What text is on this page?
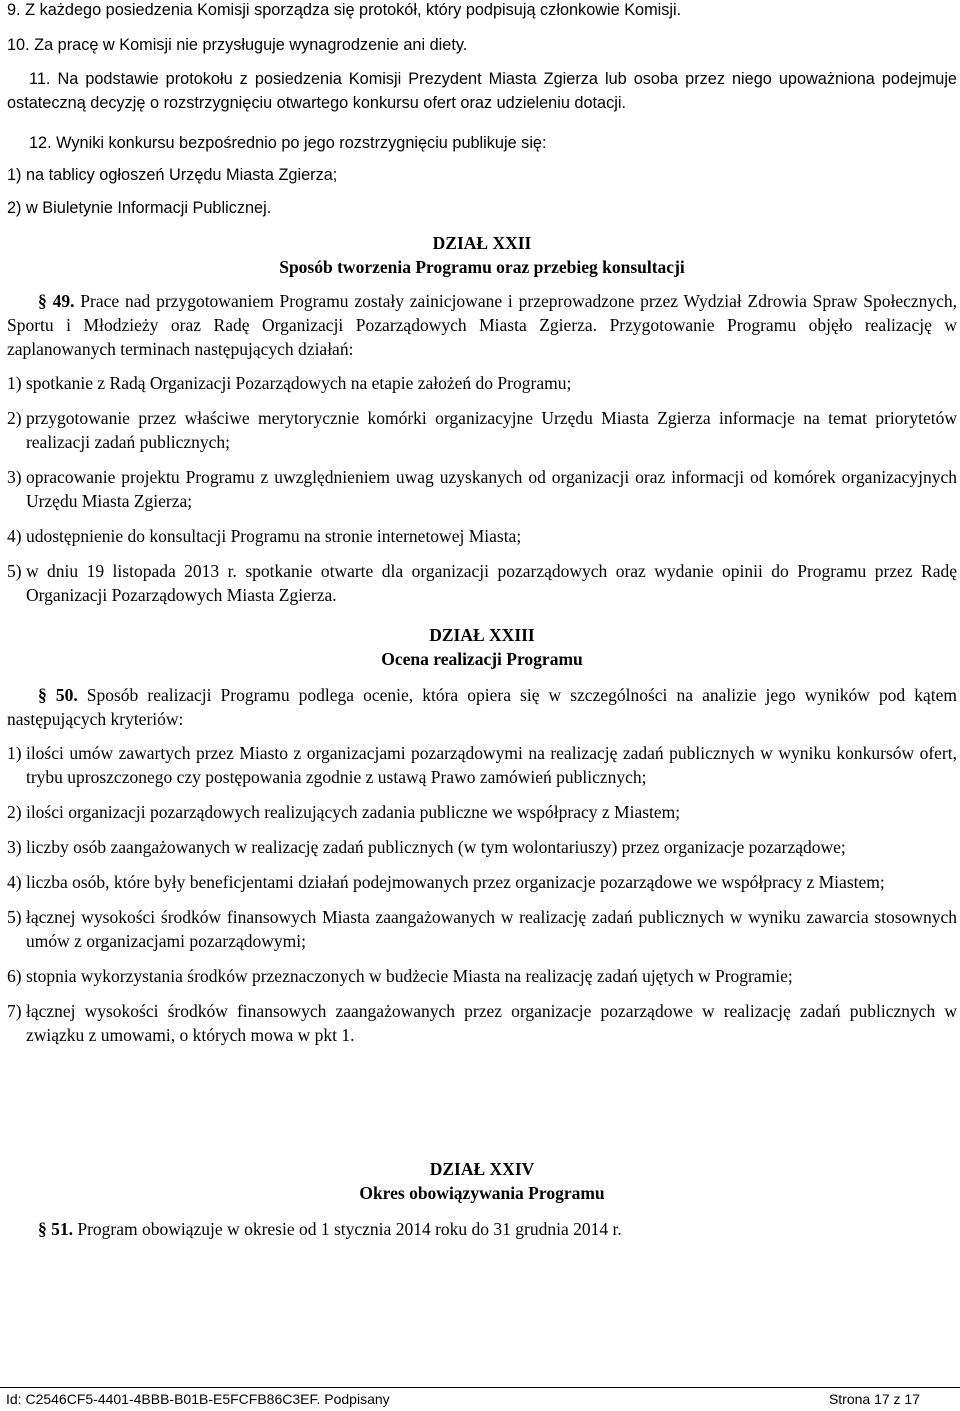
9. Z każdego posiedzenia Komisji sporządza się protokół, który podpisują członkowie Komisji.

10. Za pracę w Komisji nie przysługuje wynagrodzenie ani diety.

11. Na podstawie protokołu z posiedzenia Komisji Prezydent Miasta Zgierza lub osoba przez niego upoważniona podejmuje ostateczną decyzję o rozstrzygnięciu otwartego konkursu ofert oraz udzieleniu dotacji.

12. Wyniki konkursu bezpośrednio po jego rozstrzygnięciu publikuje się:

1) na tablicy ogłoszeń Urzędu Miasta Zgierza;

2) w Biuletynie Informacji Publicznej.

DZIAŁ XXII

Sposób tworzenia Programu oraz przebieg konsultacji

§ 49. Prace nad przygotowaniem Programu zostały zainicjowane i przeprowadzone przez Wydział Zdrowia Spraw Społecznych, Sportu i Młodzieży oraz Radę Organizacji Pozarządowych Miasta Zgierza. Przygotowanie Programu objęło realizację w zaplanowanych terminach następujących działań:

1) spotkanie z Radą Organizacji Pozarządowych na etapie założeń do Programu;
2) przygotowanie przez właściwe merytorycznie komórki organizacyjne Urzędu Miasta Zgierza informacje na temat priorytetów realizacji zadań publicznych;
3) opracowanie projektu Programu z uwzględnieniem uwag uzyskanych od organizacji oraz informacji od komórek organizacyjnych Urzędu Miasta Zgierza;
4) udostępnienie do konsultacji Programu na stronie internetowej Miasta;
5) w dniu 19 listopada 2013 r. spotkanie otwarte dla organizacji pozarządowych oraz wydanie opinii do Programu przez Radę Organizacji Pozarządowych Miasta Zgierza.

DZIAŁ XXIII

Ocena realizacji Programu

§ 50. Sposób realizacji Programu podlega ocenie, która opiera się w szczególności na analizie jego wyników pod kątem następujących kryteriów:

1) ilości umów zawartych przez Miasto z organizacjami pozarządowymi na realizację zadań publicznych w wyniku konkursów ofert, trybu uproszczonego czy postępowania zgodnie z ustawą Prawo zamówień publicznych;
2) ilości organizacji pozarządowych realizujących zadania publiczne we współpracy z Miastem;
3) liczby osób zaangażowanych w realizację zadań publicznych (w tym wolontariuszy) przez organizacje pozarządowe;
4) liczba osób, które były beneficjentami działań podejmowanych przez organizacje pozarządowe we współpracy z Miastem;
5) łącznej wysokości środków finansowych Miasta zaangażowanych w realizację zadań publicznych w wyniku zawarcia stosownych umów z organizacjami pozarządowymi;
6) stopnia wykorzystania środków przeznaczonych w budżecie Miasta na realizację zadań ujętych w Programie;
7) łącznej wysokości środków finansowych zaangażowanych przez organizacje pozarządowe w realizację zadań publicznych w związku z umowami, o których mowa w pkt 1.

DZIAŁ XXIV

Okres obowiązywania Programu

§ 51. Program obowiązuje w okresie od 1 stycznia 2014 roku do 31 grudnia 2014 r.

Id: C2546CF5-4401-4BBB-B01B-E5FCFB86C3EF. Podpisany	Strona 17 z 17
